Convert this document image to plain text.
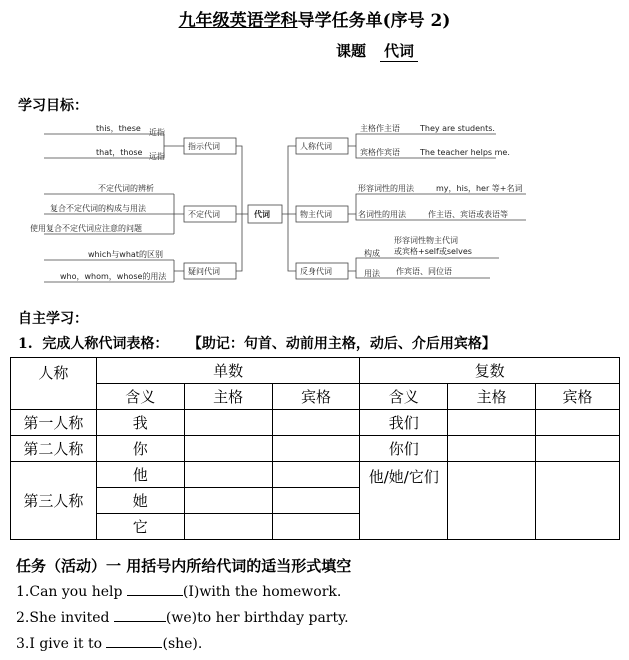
九年级英语学科导学任务单(序号 2)
课题 代词
学习目标：
this，these 近指
that，those 远指
指示代词
不定代词的辨析
复合不定代词的构成与用法
使用复合不定代词应注意的问题
不定代词
which与what的区别
who，whom，whose的用法
疑问代词
代词
人称代词
主格作主语	They are students.
宾格作宾语	The teacher helps me.
物主代词
形容词性的用法	my，his，her 等+名词
名词性的用法	作主语、宾语或表语等
反身代词
构成
形容词性物主代词
或宾格+self或selves
用法 作宾语、同位语
自主学习：
1.  完成人称代词表格：    【助记：句首、动前用主格，动后、介后用宾格】
人称	单数			复数		
	含义	主格	宾格	含义	主格	宾格
第一人称	我			我们		
第二人称	你			你们		
第三人称	他			他/她/它们		
	她					
	它					
任务（活动）一 用括号内所给代词的适当形式填空
1.Can you help	(I)with the homework.
2.She invited	(we)to her birthday party.
3.I give it to	(she).
